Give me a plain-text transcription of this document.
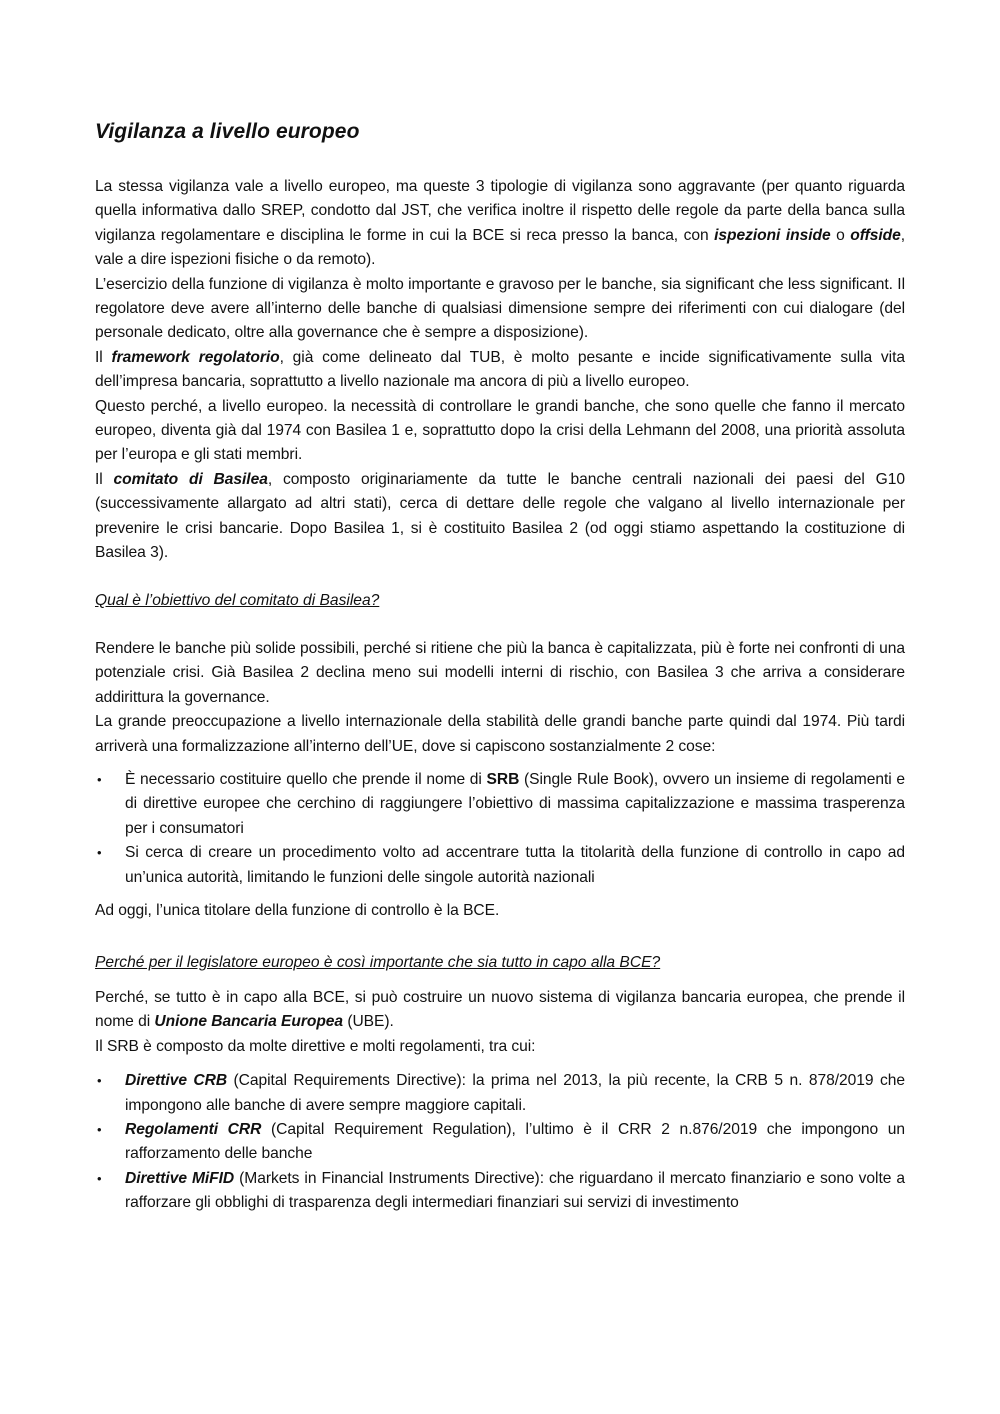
Vigilanza a livello europeo

La stessa vigilanza vale a livello europeo, ma queste 3 tipologie di vigilanza sono aggravante (per quanto riguarda quella informativa dallo SREP, condotto dal JST, che verifica inoltre il rispetto delle regole da parte della banca sulla vigilanza regolamentare e disciplina le forme in cui la BCE si reca presso la banca, con ispezioni inside o offside, vale a dire ispezioni fisiche o da remoto).

L’esercizio della funzione di vigilanza è molto importante e gravoso per le banche, sia significant che less significant. Il regolatore deve avere all’interno delle banche di qualsiasi dimensione sempre dei riferimenti con cui dialogare (del personale dedicato, oltre alla governance che è sempre a disposizione).

Il framework regolatorio, già come delineato dal TUB, è molto pesante e incide significativamente sulla vita dell’impresa bancaria, soprattutto a livello nazionale ma ancora di più a livello europeo.

Questo perché, a livello europeo. la necessità di controllare le grandi banche, che sono quelle che fanno il mercato europeo, diventa già dal 1974 con Basilea 1 e, soprattutto dopo la crisi della Lehmann del 2008, una priorità assoluta per l’europa e gli stati membri.

Il comitato di Basilea, composto originariamente da tutte le banche centrali nazionali dei paesi del G10 (successivamente allargato ad altri stati), cerca di dettare delle regole che valgano al livello internazionale per prevenire le crisi bancarie. Dopo Basilea 1, si è costituito Basilea 2 (od oggi stiamo aspettando la costituzione di Basilea 3).

Qual è l’obiettivo del comitato di Basilea?

Rendere le banche più solide possibili, perché si ritiene che più la banca è capitalizzata, più è forte nei confronti di una potenziale crisi. Già Basilea 2 declina meno sui modelli interni di rischio, con Basilea 3 che arriva a considerare addirittura la governance.

La grande preoccupazione a livello internazionale della stabilità delle grandi banche parte quindi dal 1974. Più tardi arriverà una formalizzazione all’interno dell’UE, dove si capiscono sostanzialmente 2 cose:

• È necessario costituire quello che prende il nome di SRB (Single Rule Book), ovvero un insieme di regolamenti e di direttive europee che cerchino di raggiungere l’obiettivo di massima capitalizzazione e massima trasperenza per i consumatori
• Si cerca di creare un procedimento volto ad accentrare tutta la titolarità della funzione di controllo in capo ad un’unica autorità, limitando le funzioni delle singole autorità nazionali

Ad oggi, l’unica titolare della funzione di controllo è la BCE.

Perché per il legislatore europeo è così importante che sia tutto in capo alla BCE?

Perché, se tutto è in capo alla BCE, si può costruire un nuovo sistema di vigilanza bancaria europea, che prende il nome di Unione Bancaria Europea (UBE).

Il SRB è composto da molte direttive e molti regolamenti, tra cui:

• Direttive CRB (Capital Requirements Directive): la prima nel 2013, la più recente, la CRB 5 n. 878/2019 che impongono alle banche di avere sempre maggiore capitali.
• Regolamenti CRR (Capital Requirement Regulation), l’ultimo è il CRR 2 n.876/2019 che impongono un rafforzamento delle banche
• Direttive MiFID (Markets in Financial Instruments Directive): che riguardano il mercato finanziario e sono volte a rafforzare gli obblighi di trasparenza degli intermediari finanziari sui servizi di investimento
